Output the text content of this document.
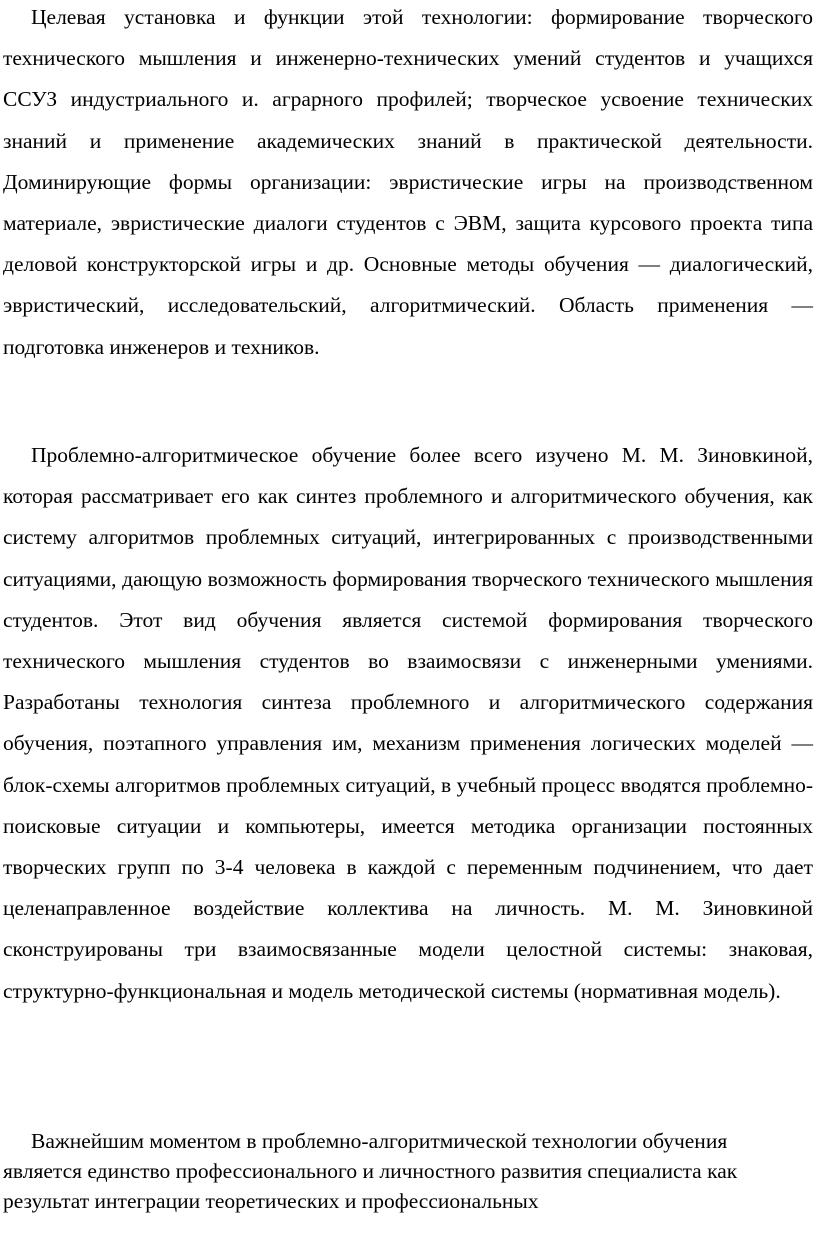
Целевая установка и функции этой технологии: формирование творческого технического мышления и инженерно-технических умений студентов и учащихся ССУЗ индустриального и. аграрного профилей; творческое усвоение технических знаний и применение академических знаний в практической деятельности. Доминирующие формы организации: эвристические игры на производственном материале, эвристические диалоги студентов с ЭВМ, защита курсового проекта типа деловой конструкторской игры и др. Основные методы обучения — диалогический, эвристический, исследовательский, алгоритмический. Область применения — подготовка инженеров и техников.

Проблемно-алгоритмическое обучение более всего изучено М. М. Зиновкиной, которая рассматривает его как синтез проблемного и алгоритмического обучения, как систему алгоритмов проблемных ситуаций, интегрированных с производственными ситуациями, дающую возможность формирования творческого технического мышления студентов. Этот вид обучения является системой формирования творческого технического мышления студентов во взаимосвязи с инженерными умениями. Разработаны технология синтеза проблемного и алгоритмического содержания обучения, поэтапного управления им, механизм применения логических моделей — блок-схемы алгоритмов проблемных ситуаций, в учебный процесс вводятся проблемно-поисковые ситуации и компьютеры, имеется методика организации постоянных творческих групп по 3-4 человека в каждой с переменным подчинением, что дает целенаправленное воздействие коллектива на личность. М. М. Зиновкиной сконструированы три взаимосвязанные модели целостной системы: знаковая, структурно-функциональная и модель методической системы (нормативная модель).

Важнейшим моментом в проблемно-алгоритмической технологии обучения является единство профессионального и личностного развития специалиста как результат интеграции теоретических и профессиональных
